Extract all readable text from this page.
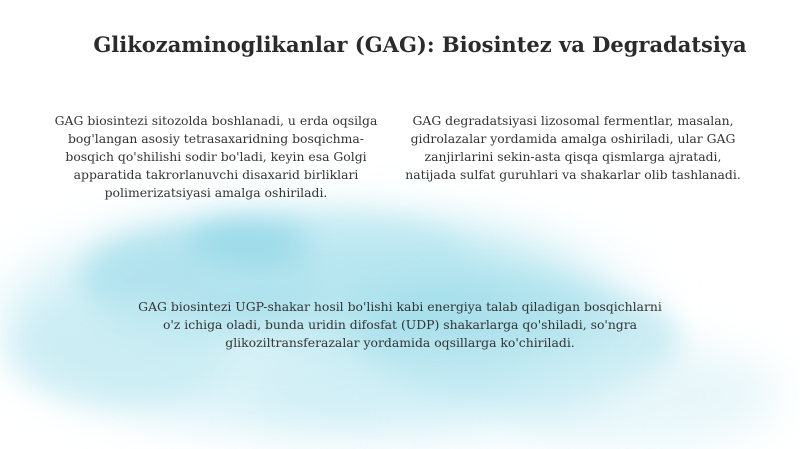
Glikozaminoglikanlar (GAG): Biosintez va Degradatsiya
GAG biosintezi sitozolda boshlanadi, u erda oqsilga bog'langan asosiy tetrasaxaridning bosqichma-bosqich qo'shilishi sodir bo'ladi, keyin esa Golgi apparatida takrorlanuvchi disaxarid birliklari polimerizatsiyasi amalga oshiriladi.
GAG degradatsiyasi lizosomal fermentlar, masalan, gidrolazalar yordamida amalga oshiriladi, ular GAG zanjirlarini sekin-asta qisqa qismlarga ajratadi, natijada sulfat guruhlari va shakarlar olib tashlanadi.
GAG biosintezi UGP-shakar hosil bo'lishi kabi energiya talab qiladigan bosqichlarni o'z ichiga oladi, bunda uridin difosfat (UDP) shakarlarga qo'shiladi, so'ngra glikoziltransferazalar yordamida oqsillarga ko'chiriladi.
